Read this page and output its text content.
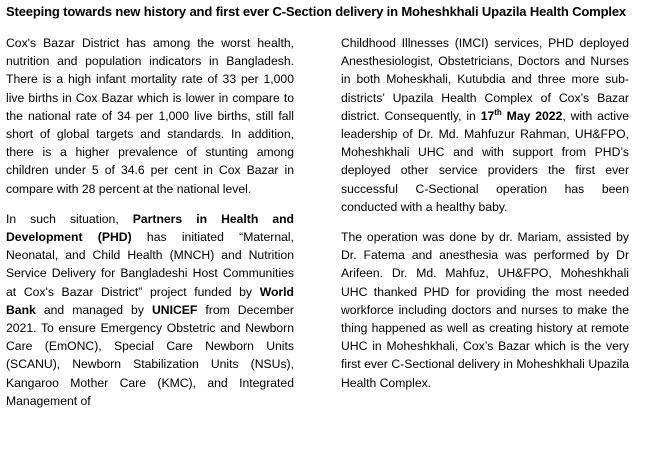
Steeping towards new history and first ever C-Section delivery in Moheshkhali Upazila Health Complex

Cox's Bazar District has among the worst health, nutrition and population indicators in Bangladesh. There is a high infant mortality rate of 33 per 1,000 live births in Cox Bazar which is lower in compare to the national rate of 34 per 1,000 live births, still fall short of global targets and standards. In addition, there is a higher prevalence of stunting among children under 5 of 34.6 per cent in Cox Bazar in compare with 28 percent at the national level.

In such situation, Partners in Health and Development (PHD) has initiated “Maternal, Neonatal, and Child Health (MNCH) and Nutrition Service Delivery for Bangladeshi Host Communities at Cox's Bazar District” project funded by World Bank and managed by UNICEF from December 2021. To ensure Emergency Obstetric and Newborn Care (EmONC), Special Care Newborn Units (SCANU), Newborn Stabilization Units (NSUs), Kangaroo Mother Care (KMC), and Integrated Management of

Childhood Illnesses (IMCI) services, PHD deployed Anesthesiologist, Obstetricians, Doctors and Nurses in both Moheskhali, Kutubdia and three more sub-districts’ Upazila Health Complex of Cox’s Bazar district. Consequently, in 17th May 2022, with active leadership of Dr. Md. Mahfuzur Rahman, UH&FPO, Moheshkhali UHC and with support from PHD’s deployed other service providers the first ever successful C-Sectional operation has been conducted with a healthy baby.

The operation was done by dr. Mariam, assisted by Dr. Fatema and anesthesia was performed by Dr Arifeen. Dr. Md. Mahfuz, UH&FPO, Moheshkhali UHC thanked PHD for providing the most needed workforce including doctors and nurses to make the thing happened as well as creating history at remote UHC in Moheshkhali, Cox’s Bazar which is the very first ever C-Sectional delivery in Moheshkhali Upazila Health Complex.
